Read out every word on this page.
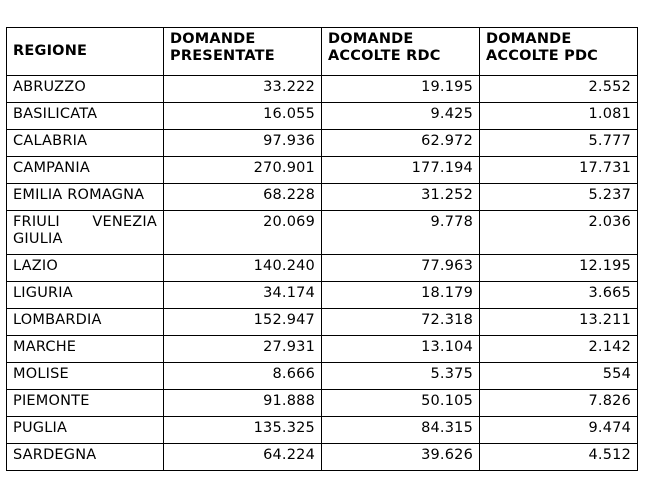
REGIONE	DOMANDE PRESENTATE	DOMANDE ACCOLTE RDC	DOMANDE ACCOLTE PDC
ABRUZZO	33.222	19.195	2.552
BASILICATA	16.055	9.425	1.081
CALABRIA	97.936	62.972	5.777
CAMPANIA	270.901	177.194	17.731
EMILIA ROMAGNA	68.228	31.252	5.237
FRIULI VENEZIA GIULIA	20.069	9.778	2.036
LAZIO	140.240	77.963	12.195
LIGURIA	34.174	18.179	3.665
LOMBARDIA	152.947	72.318	13.211
MARCHE	27.931	13.104	2.142
MOLISE	8.666	5.375	554
PIEMONTE	91.888	50.105	7.826
PUGLIA	135.325	84.315	9.474
SARDEGNA	64.224	39.626	4.512
